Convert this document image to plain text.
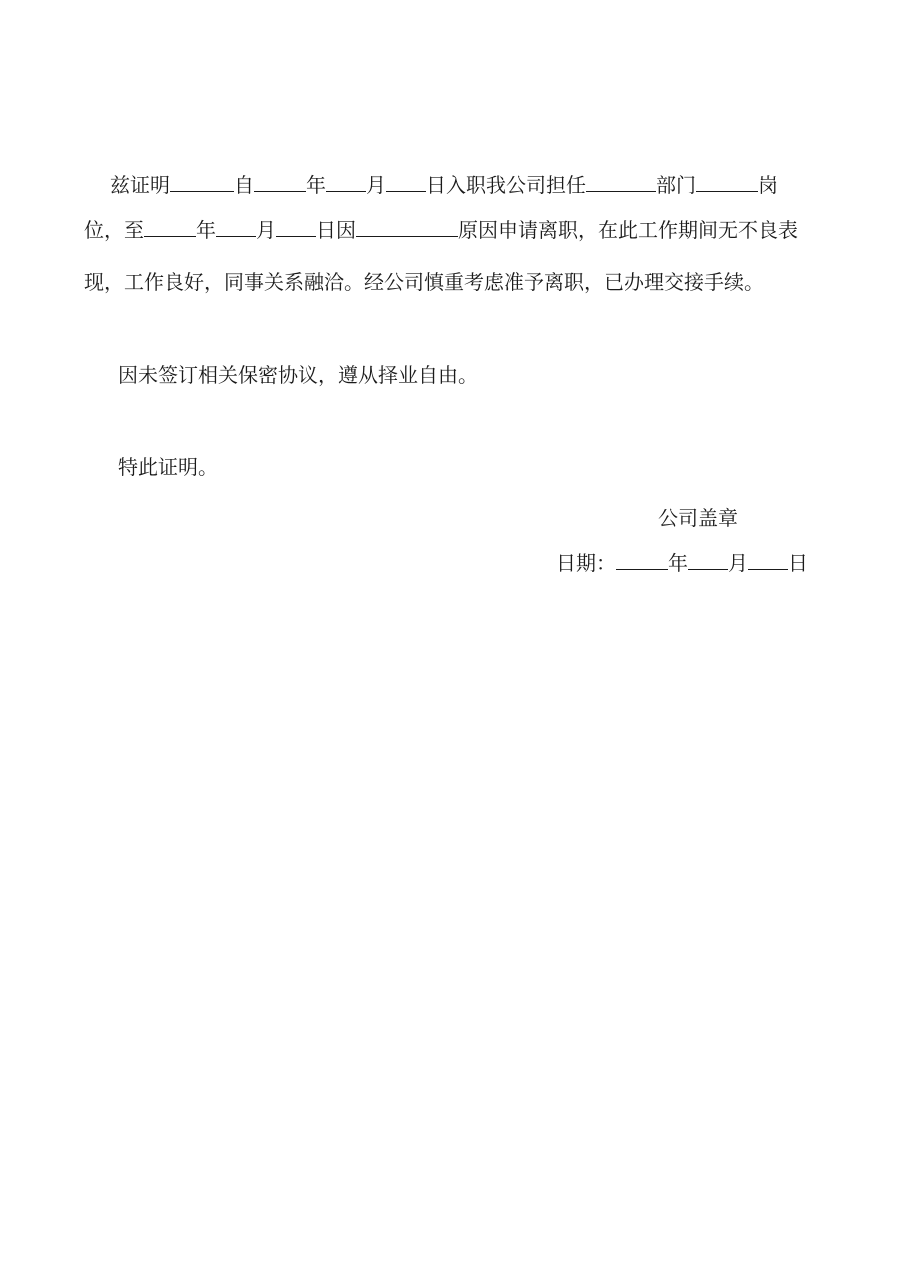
兹证明	自	年 月 日入职我公司担任	部门	岗
位，至	年 月 日因	原因申请离职，在此工作期间无不良表
现，工作良好，同事关系融洽。经公司慎重考虑准予离职，已办理交接手续。
因未签订相关保密协议，遵从择业自由。
特此证明。
公司盖章
日期：	年 月 日
